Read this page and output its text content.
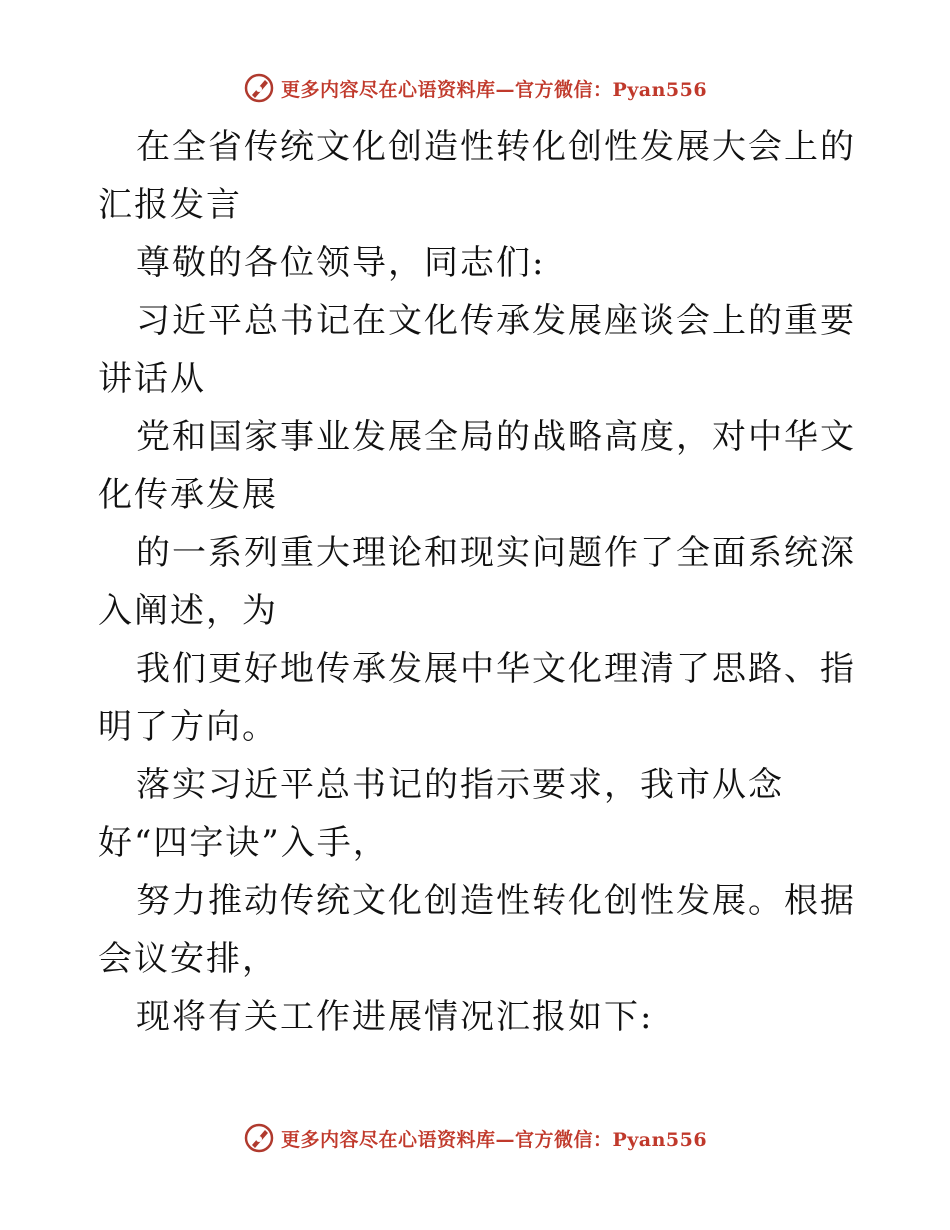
更多内容尽在心语资料库—官方微信：Pyan556

在全省传统文化创造性转化创性发展大会上的汇报发言

尊敬的各位领导，同志们:

习近平总书记在文化传承发展座谈会上的重要讲话从

党和国家事业发展全局的战略高度，对中华文化传承发展

的一系列重大理论和现实问题作了全面系统深入阐述，为

我们更好地传承发展中华文化理清了思路、指明了方向。

落实习近平总书记的指示要求，我市从念好“四字诀”入手，

努力推动传统文化创造性转化创性发展。根据会议安排，

现将有关工作进展情况汇报如下:

更多内容尽在心语资料库—官方微信：Pyan556
